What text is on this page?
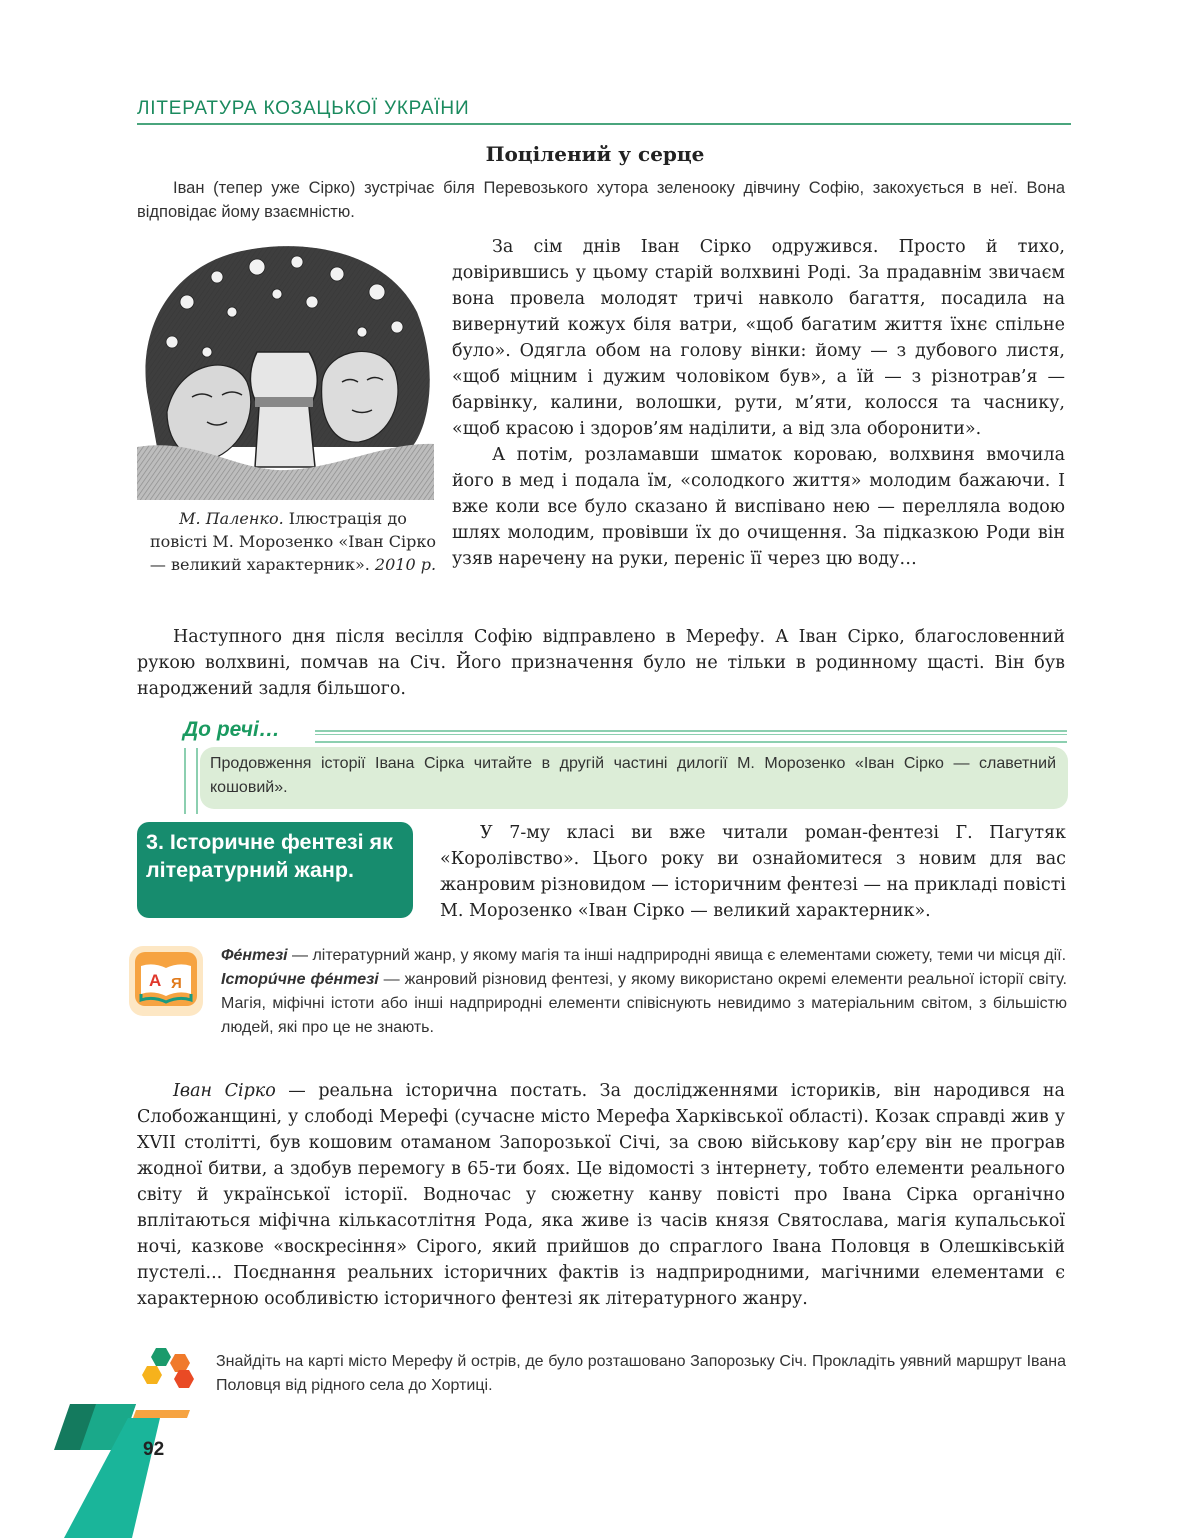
ЛІТЕРАТУРА КОЗАЦЬКОЇ УКРАЇНИ
Поцілений у серце
Іван (тепер уже Сірко) зустрічає біля Перевозького хутора зеленооку дівчину Софію, закохується в неї. Вона відповідає йому взаємністю.
М. Паленко. Ілюстрація до повісті М. Морозенко «Іван Сірко — великий характерник». 2010 р.

За сім днів Іван Сірко одружився. Просто й тихо, довірившись у цьому старій волхвині Роді. За прадавнім звичаєм вона провела молодят тричі навколо багаття, посадила на вивернутий кожух біля ватри, «щоб багатим життя їхнє спільне було». Одягла обом на голову вінки: йому — з дубового листя, «щоб міцним і дужим чоловіком був», а їй — з різнотрав’я — барвінку, калини, волошки, рути, м’яти, колосся та часнику, «щоб красою і здоров’ям наділити, а від зла оборонити».

А потім, розламавши шматок короваю, волхвиня вмочила його в мед і подала їм, «солодкого життя» молодим бажаючи. І вже коли все було сказано й виспівано нею — перелляла водою шлях молодим, провівши їх до очищення. За підказкою Роди він узяв наречену на руки, переніс її через цю воду…

Наступного дня після весілля Софію відправлено в Мерефу. А Іван Сірко, благословенний рукою волхвині, помчав на Січ. Його призначення було не тільки в родинному щасті. Він був народжений задля більшого.

До речі…
Продовження історії Івана Сірка читайте в другій частині дилогії М. Морозенко «Іван Сірко — славетний кошовий».
3. Історичне фентезі як літературний жанр.

У 7-му класі ви вже читали роман-фентезі Г. Пагутяк «Королівство». Цього року ви ознайомитеся з новим для вас жанровим різновидом — історичним фентезі — на прикладі повісті М. Морозенко «Іван Сірко — великий характерник».

А Я

Фе́нтезі — літературний жанр, у якому магія та інші надприродні явища є елементами сюжету, теми чи місця дії.

Істори́чне фе́нтезі — жанровий різновид фентезі, у якому використано окремі елементи реальної історії світу. Магія, міфічні істоти або інші надприродні елементи співіснують невидимо з матеріальним світом, з більшістю людей, які про це не знають.

Іван Сірко — реальна історична постать. За дослідженнями істориків, він народився на Слобожанщині, у слободі Мерефі (сучасне місто Мерефа Харківської області). Козак справді жив у XVII столітті, був кошовим отаманом Запорозької Січі, за свою військову кар’єру він не програв жодної битви, а здобув перемогу в 65-ти боях. Це відомості з інтернету, тобто елементи реального світу й української історії. Водночас у сюжетну канву повісті про Івана Сірка органічно вплітаються міфічна кількасотлітня Рода, яка живе із часів князя Святослава, магія купальської ночі, казкове «воскресіння» Сірого, який прийшов до спраглого Івана Половця в Олешківській пустелі... Поєднання реальних історичних фактів із надприродними, магічними елементами є характерною особливістю історичного фентезі як літературного жанру.

Знайдіть на карті місто Мерефу й острів, де було розташовано Запорозьку Січ. Прокладіть уявний маршрут Івана Половця від рідного села до Хортиці.
92
